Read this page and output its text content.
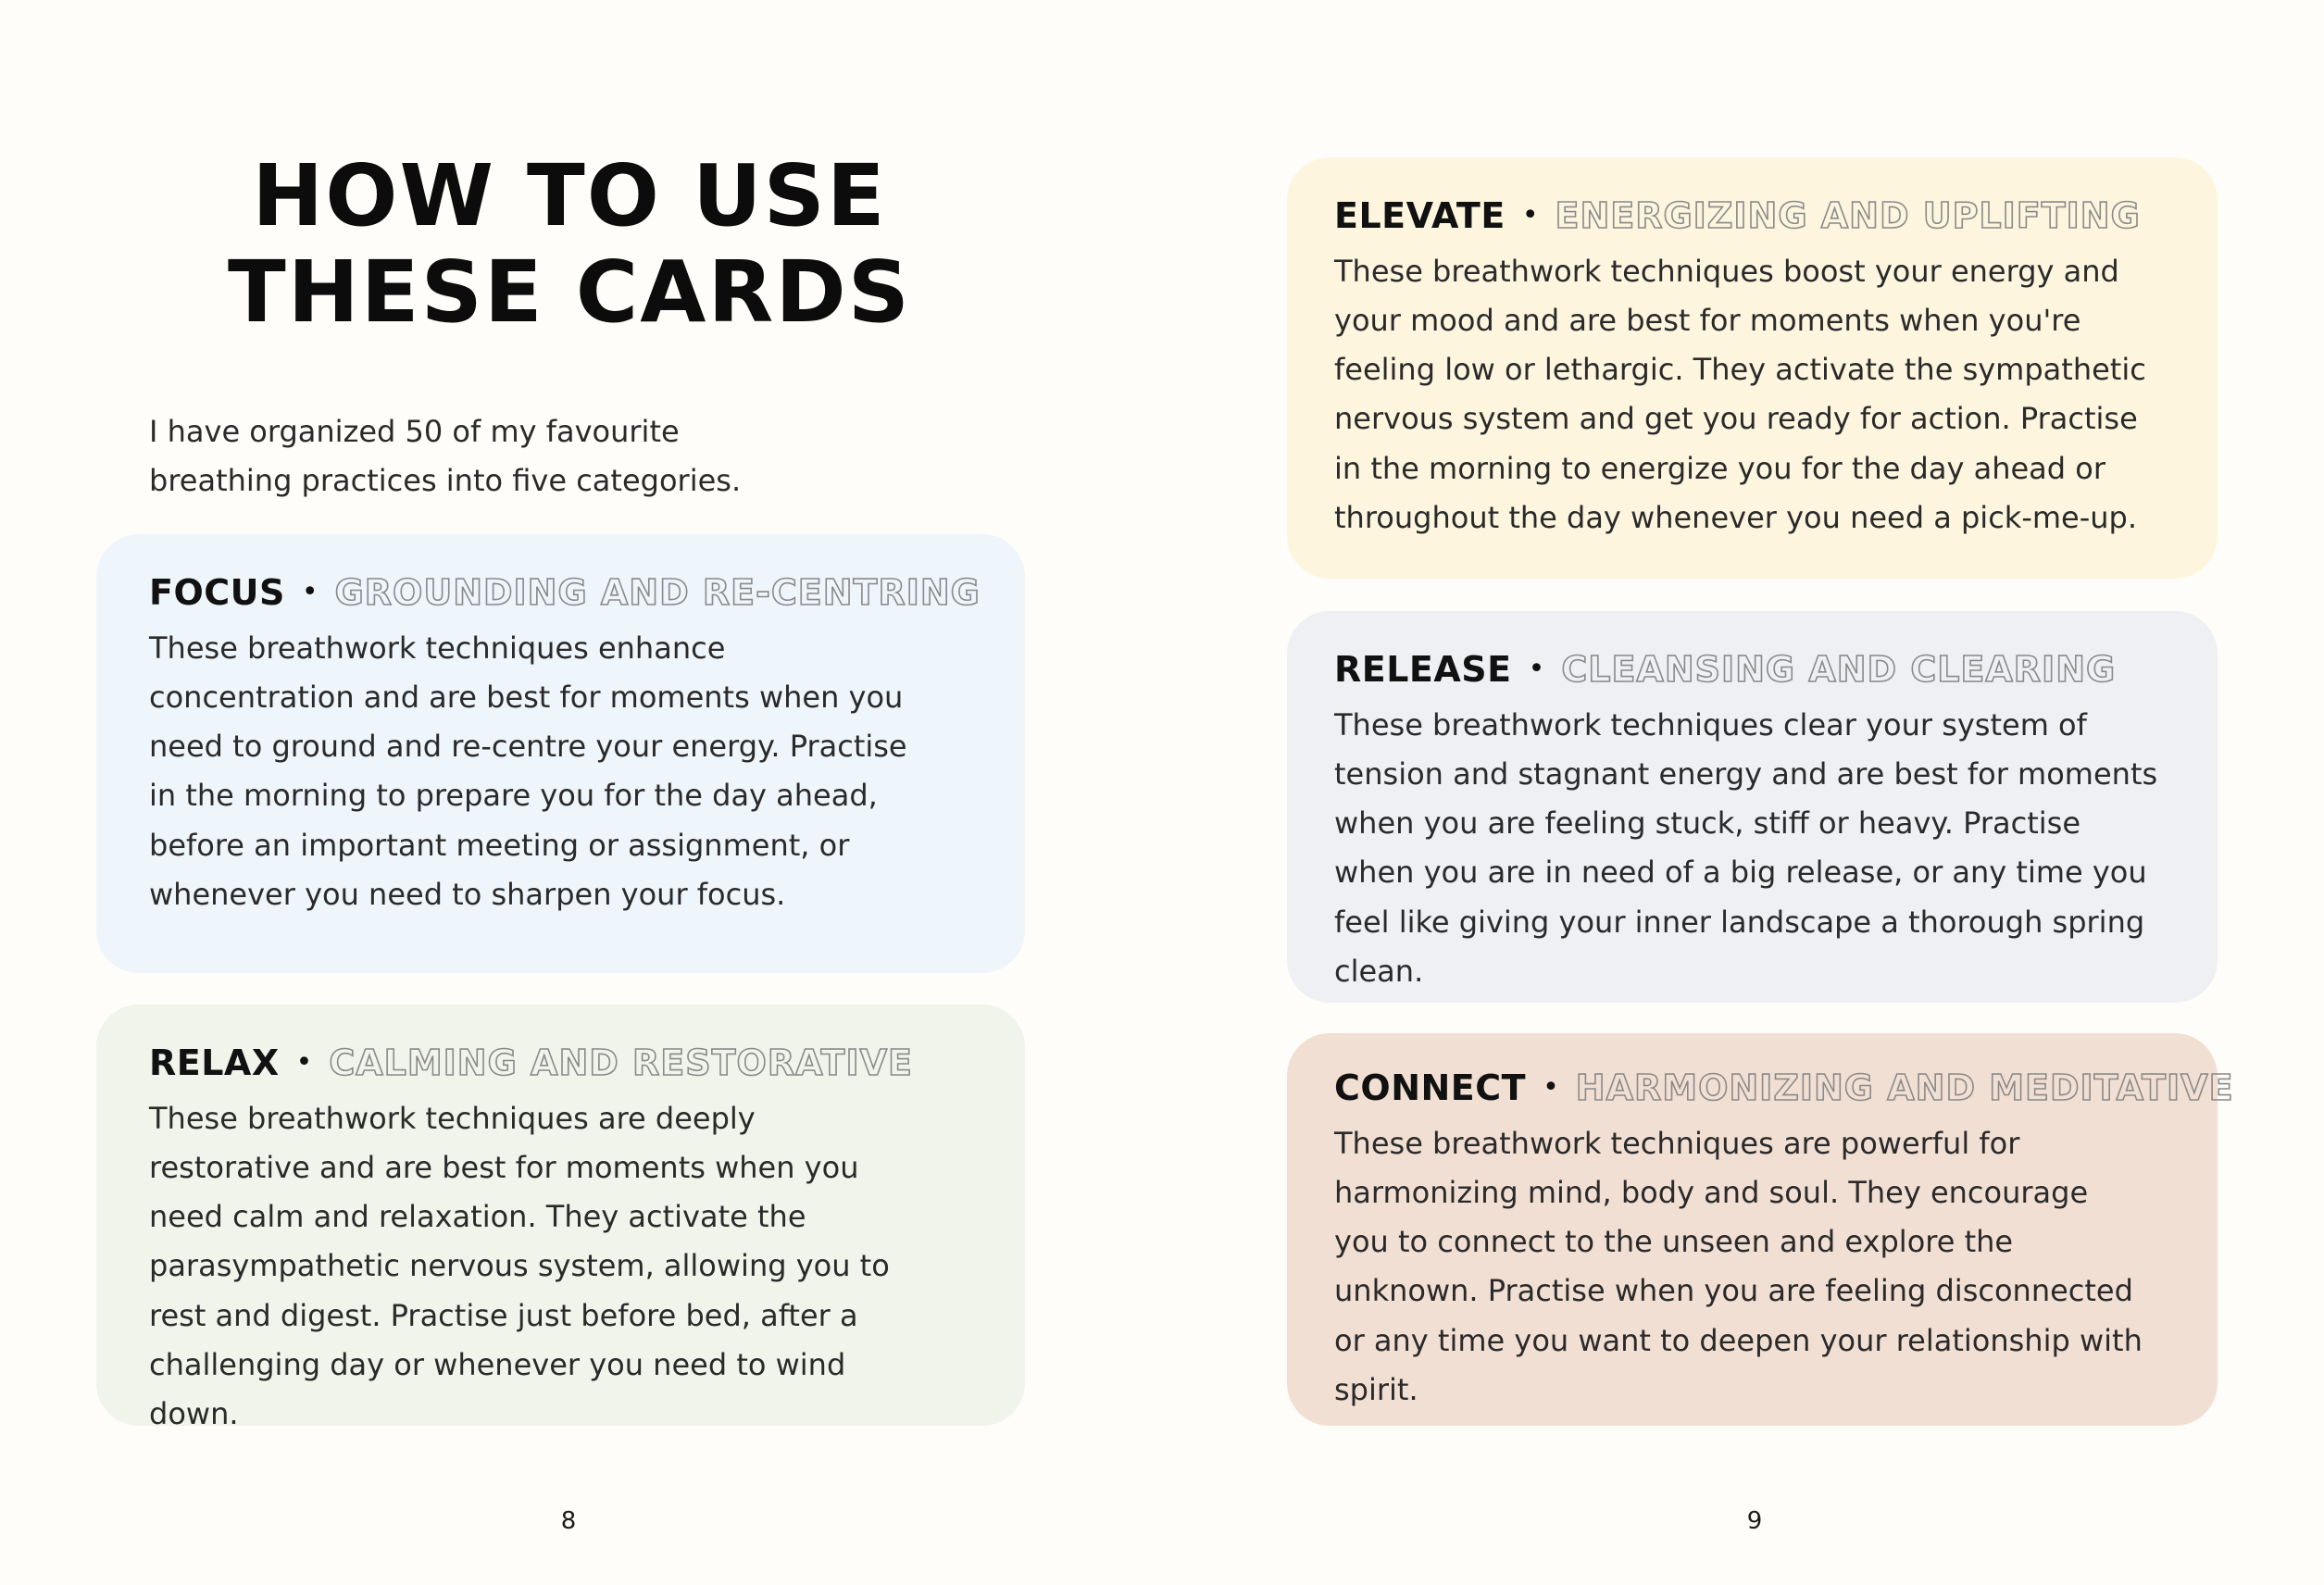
HOW TO USE
THESE CARDS

I have organized 50 of my favourite breathing practices into five categories.

FOCUS • GROUNDING AND RE-CENTRING

These breathwork techniques enhance concentration and are best for moments when you need to ground and re-centre your energy. Practise in the morning to prepare you for the day ahead, before an important meeting or assignment, or whenever you need to sharpen your focus.

RELAX • CALMING AND RESTORATIVE

These breathwork techniques are deeply restorative and are best for moments when you need calm and relaxation. They activate the parasympathetic nervous system, allowing you to rest and digest. Practise just before bed, after a challenging day or whenever you need to wind down.

ELEVATE • ENERGIZING AND UPLIFTING

These breathwork techniques boost your energy and your mood and are best for moments when you're feeling low or lethargic. They activate the sympathetic nervous system and get you ready for action. Practise in the morning to energize you for the day ahead or throughout the day whenever you need a pick-me-up.

RELEASE • CLEANSING AND CLEARING

These breathwork techniques clear your system of tension and stagnant energy and are best for moments when you are feeling stuck, stiff or heavy. Practise when you are in need of a big release, or any time you feel like giving your inner landscape a thorough spring clean.

CONNECT • HARMONIZING AND MEDITATIVE

These breathwork techniques are powerful for harmonizing mind, body and soul. They encourage you to connect to the unseen and explore the unknown. Practise when you are feeling disconnected or any time you want to deepen your relationship with spirit.

8	9
